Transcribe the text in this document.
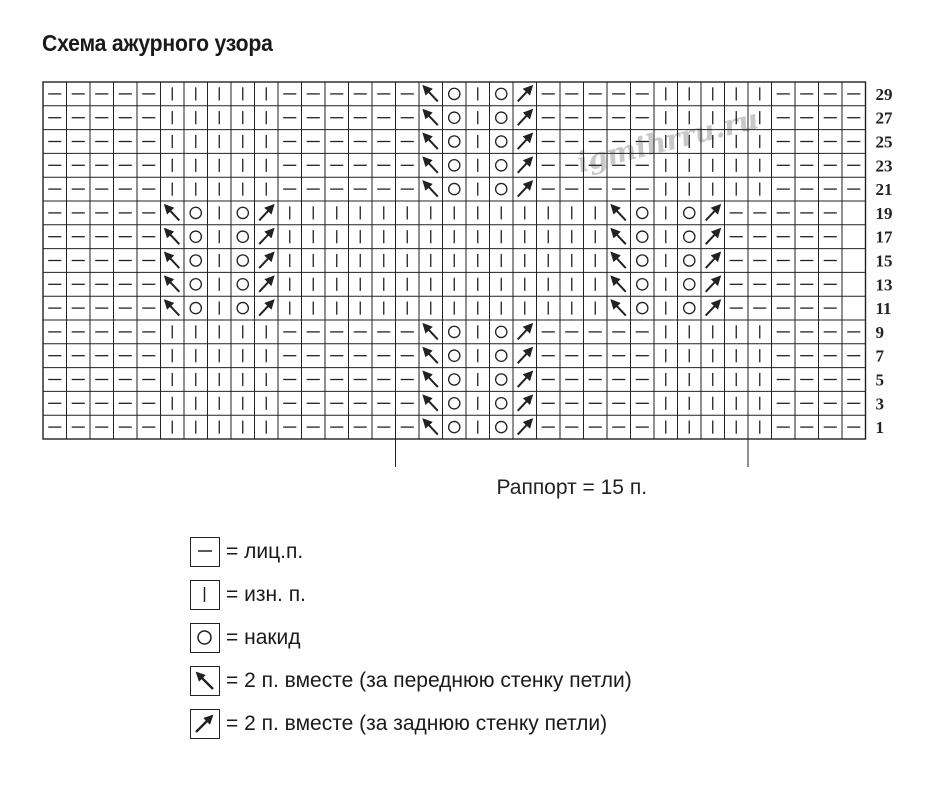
Схема ажурного узора
igmihrru.ru
29
27
25
23
21
19
17
15
13
11
9
7
5
3
1
Раппорт = 15 п.
= лиц.п.
= изн. п.
= накид
= 2 п. вместе (за переднюю стенку петли)
= 2 п. вместе (за заднюю стенку петли)
